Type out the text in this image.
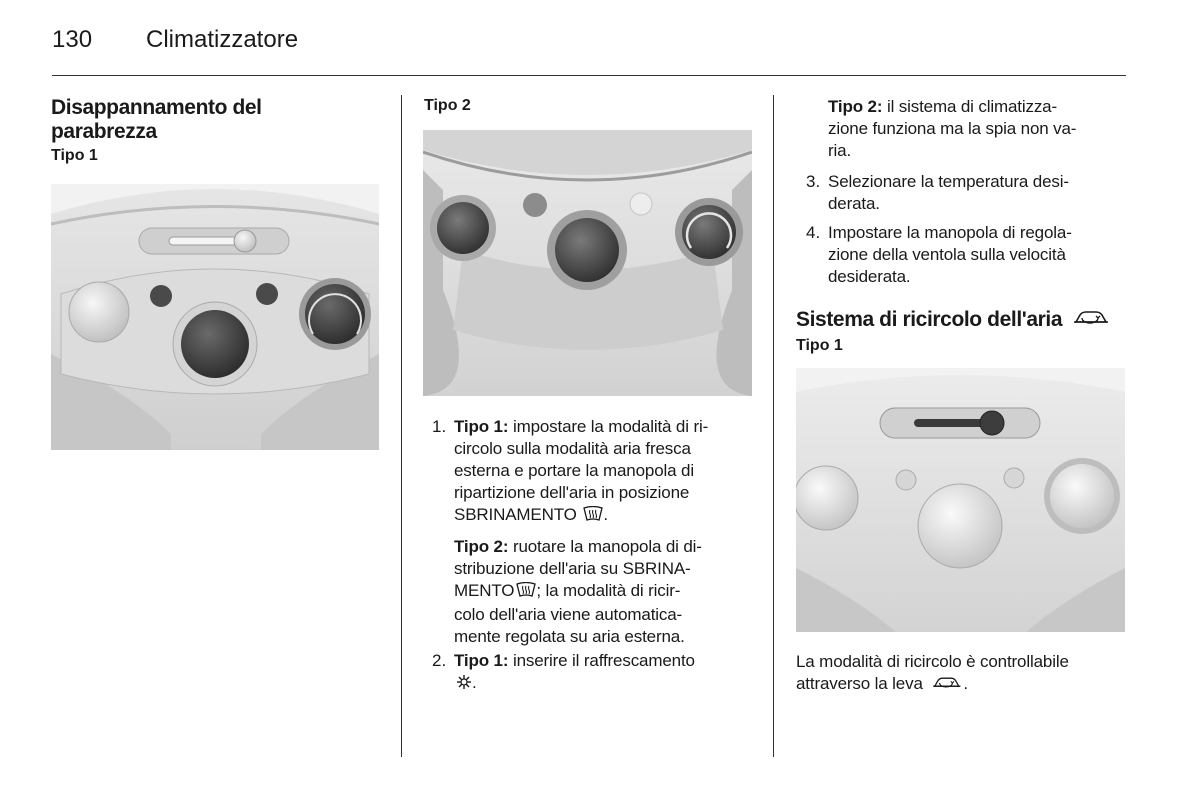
130	Climatizzatore

Disappannamento del
parabrezza

Tipo 1

Tipo 2

1. Tipo 1: impostare la modalità di ri-
circolo sulla modalità aria fresca
esterna e portare la manopola di
ripartizione dell'aria in posizione
SBRINAMENTO .

Tipo 2: ruotare la manopola di di-
stribuzione dell'aria su SBRINA-
MENTO ; la modalità di ricir-
colo dell'aria viene automatica-
mente regolata su aria esterna.

2. Tipo 1: inserire il raffrescamento
.

Tipo 2: il sistema di climatizza-
zione funziona ma la spia non va-
ria.

3. Selezionare la temperatura desi-
derata.

4. Impostare la manopola di regola-
zione della ventola sulla velocità
desiderata.

Sistema di ricircolo dell'aria

Tipo 1

La modalità di ricircolo è controllabile
attraverso la leva .
